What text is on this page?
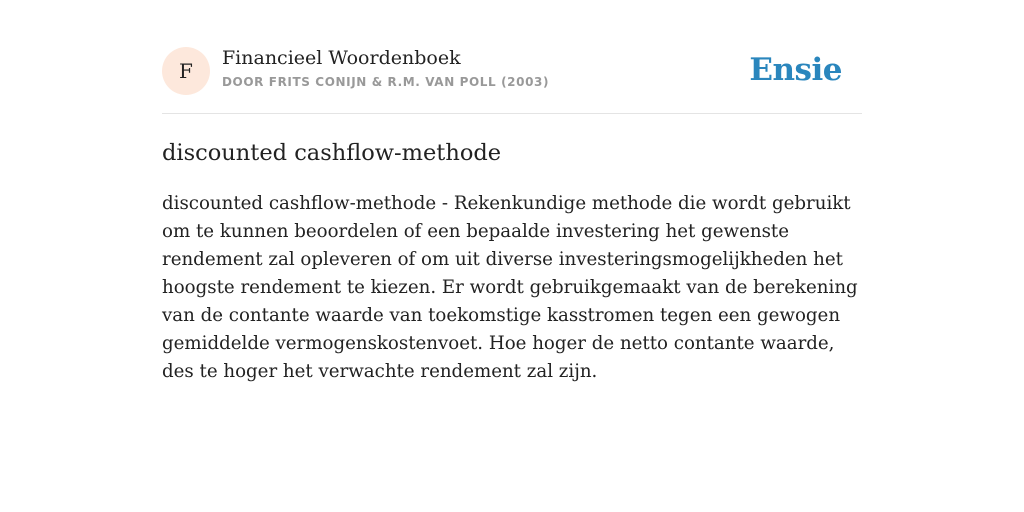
F
Financieel Woordenboek
DOOR FRITS CONIJN & R.M. VAN POLL (2003)	Ensie
discounted cashflow-methode

discounted cashflow-methode - Rekenkundige methode die wordt gebruikt om te kunnen beoordelen of een bepaalde investering het gewenste rendement zal opleveren of om uit diverse investeringsmogelijkheden het hoogste rendement te kiezen. Er wordt gebruikgemaakt van de berekening van de contante waarde van toekomstige kasstromen tegen een gewogen gemiddelde vermogenskostenvoet. Hoe hoger de netto contante waarde, des te hoger het verwachte rendement zal zijn.
